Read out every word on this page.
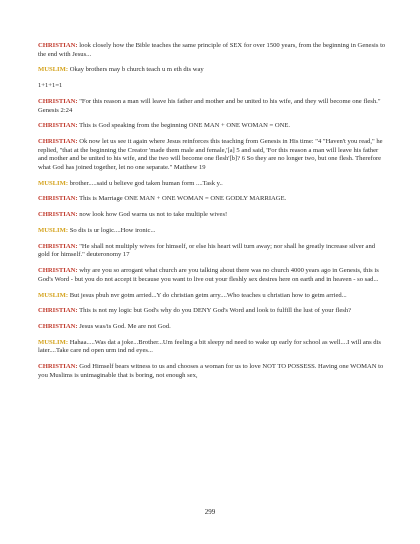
CHRISTIAN: look closely how the Bible teaches the same principle of SEX for over 1500 years, from the beginning in Genesis to the end with Jesus...

MUSLIM: Okay brothers may b church teach u m eth dis way

1+1+1=1

CHRISTIAN: "For this reason a man will leave his father and mother and be united to his wife, and they will become one flesh." Genesis 2:24

CHRISTIAN: This is God speaking from the beginning ONE MAN + ONE WOMAN = ONE.

CHRISTIAN: Ok now let us see it again where Jesus reinforces this teaching from Genesis in His time: "4 "Haven't you read," he replied, "that at the beginning the Creator 'made them male and female,'[a] 5 and said, 'For this reason a man will leave his father and mother and be united to his wife, and the two will become one flesh'[b]? 6 So they are no longer two, but one flesh. Therefore what God has joined together, let no one separate." Matthew 19

MUSLIM: brother.....said u believe god taken human form ....Task y..

CHRISTIAN: This is Marriage ONE MAN + ONE WOMAN = ONE GODLY MARRIAGE.

CHRISTIAN: now look how God warns us not to take multiple wives!

MUSLIM: So dis is ur logic....How ironic...

CHRISTIAN: "He shall not multiply wives for himself, or else his heart will turn away; nor shall he greatly increase silver and gold for himself." deuteronomy 17

CHRISTIAN: why are you so arrogant what church are you talking about there was no church 4000 years ago in Genesis, this is God's Word - but you do not accept it because you want to live out your fleshly sex desires here on earth and in heaven - so sad...

MUSLIM: But jesus pbuh nvr gotm arried...Y do christian getm arry....Who teaches u christian how to getm arried...

CHRISTIAN: This is not my logic but God's why do you DENY God's Word and look to fulfill the lust of your flesh?

CHRISTIAN: Jesus was/is God. Me are not God.

MUSLIM: Hahaa.....Was dat a joke...Brother...Um feeling a bit sleepy nd need to wake up early for school as well....I will ans dis later....Take care nd open urm ind nd eyes...

CHRISTIAN: God Himself bears witness to us and chooses a woman for us to love NOT TO POSSESS. Having one WOMAN to you Muslims is unimaginable that is boring, not enough sex,

299
